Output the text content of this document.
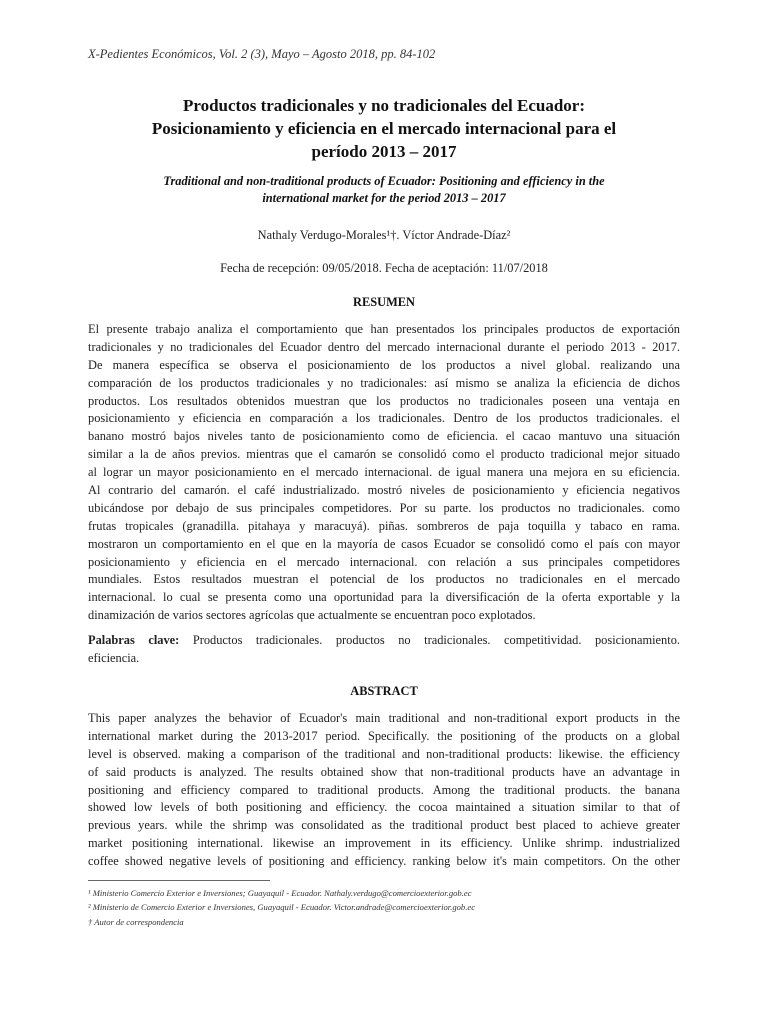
X-Pedientes Económicos, Vol. 2 (3), Mayo – Agosto 2018, pp. 84-102
Productos tradicionales y no tradicionales del Ecuador:
Posicionamiento y eficiencia en el mercado internacional para el
período 2013 – 2017
Traditional and non-traditional products of Ecuador: Positioning and efficiency in the
international market for the period 2013 – 2017
Nathaly Verdugo-Morales¹†. Víctor Andrade-Díaz²
Fecha de recepción: 09/05/2018. Fecha de aceptación: 11/07/2018
RESUMEN
El presente trabajo analiza el comportamiento que han presentados los principales productos de exportación
tradicionales y no tradicionales del Ecuador dentro del mercado internacional durante el periodo 2013 - 2017.
De manera específica se observa el posicionamiento de los productos a nivel global. realizando una
comparación de los productos tradicionales y no tradicionales: así mismo se analiza la eficiencia de dichos
productos. Los resultados obtenidos muestran que los productos no tradicionales poseen una ventaja en
posicionamiento y eficiencia en comparación a los tradicionales. Dentro de los productos tradicionales. el
banano mostró bajos niveles tanto de posicionamiento como de eficiencia. el cacao mantuvo una situación
similar a la de años previos. mientras que el camarón se consolidó como el producto tradicional mejor situado
al lograr un mayor posicionamiento en el mercado internacional. de igual manera una mejora en su eficiencia.
Al contrario del camarón. el café industrializado. mostró niveles de posicionamiento y eficiencia negativos
ubicándose por debajo de sus principales competidores. Por su parte. los productos no tradicionales. como
frutas tropicales (granadilla. pitahaya y maracuyá). piñas. sombreros de paja toquilla y tabaco en rama.
mostraron un comportamiento en el que en la mayoría de casos Ecuador se consolidó como el país con mayor
posicionamiento y eficiencia en el mercado internacional. con relación a sus principales competidores
mundiales. Estos resultados muestran el potencial de los productos no tradicionales en el mercado
internacional. lo cual se presenta como una oportunidad para la diversificación de la oferta exportable y la
dinamización de varios sectores agrícolas que actualmente se encuentran poco explotados.
Palabras clave: Productos tradicionales. productos no tradicionales. competitividad. posicionamiento.
eficiencia.
ABSTRACT
This paper analyzes the behavior of Ecuador's main traditional and non-traditional export products in the
international market during the 2013-2017 period. Specifically. the positioning of the products on a global
level is observed. making a comparison of the traditional and non-traditional products: likewise. the efficiency
of said products is analyzed. The results obtained show that non-traditional products have an advantage in
positioning and efficiency compared to traditional products. Among the traditional products. the banana
showed low levels of both positioning and efficiency. the cocoa maintained a situation similar to that of
previous years. while the shrimp was consolidated as the traditional product best placed to achieve greater
market positioning international. likewise an improvement in its efficiency. Unlike shrimp. industrialized
coffee showed negative levels of positioning and efficiency. ranking below it's main competitors. On the other
¹ Ministerio Comercio Exterior e Inversiones; Guayaquil - Ecuador. Nathaly.verdugo@comercioexterior.gob.ec
² Ministerio de Comercio Exterior e Inversiones, Guayaquil - Ecuador. Victor.andrade@comercioexterior.gob.ec
† Autor de correspondencia
